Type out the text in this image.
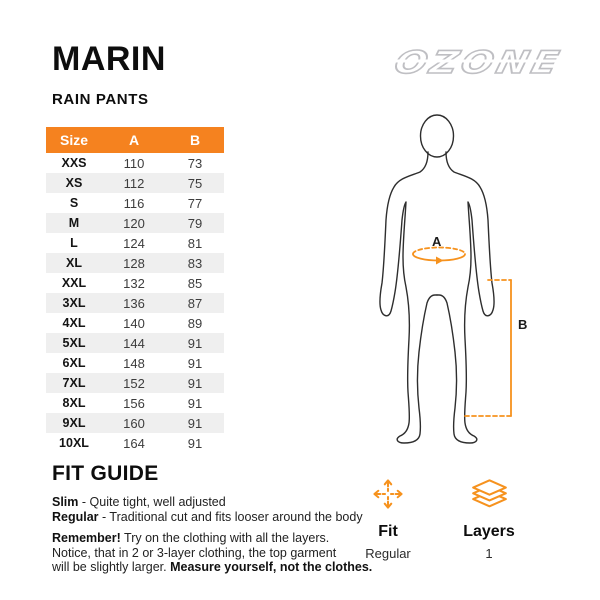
MARIN
RAIN PANTS
OZONE
Size	A	B
XXS	110	73
XS	112	75
S	116	77
M	120	79
L	124	81
XL	128	83
XXL	132	85
3XL	136	87
4XL	140	89
5XL	144	91
6XL	148	91
7XL	152	91
8XL	156	91
9XL	160	91
10XL	164	91
A
B
FIT GUIDE
Slim - Quite tight, well adjusted
Regular - Traditional cut and fits looser around the body
Remember! Try on the clothing with all the layers.
Notice, that in 2 or 3-layer clothing, the top garment
will be slightly larger. Measure yourself, not the clothes.
Fit
Regular
Layers
1
